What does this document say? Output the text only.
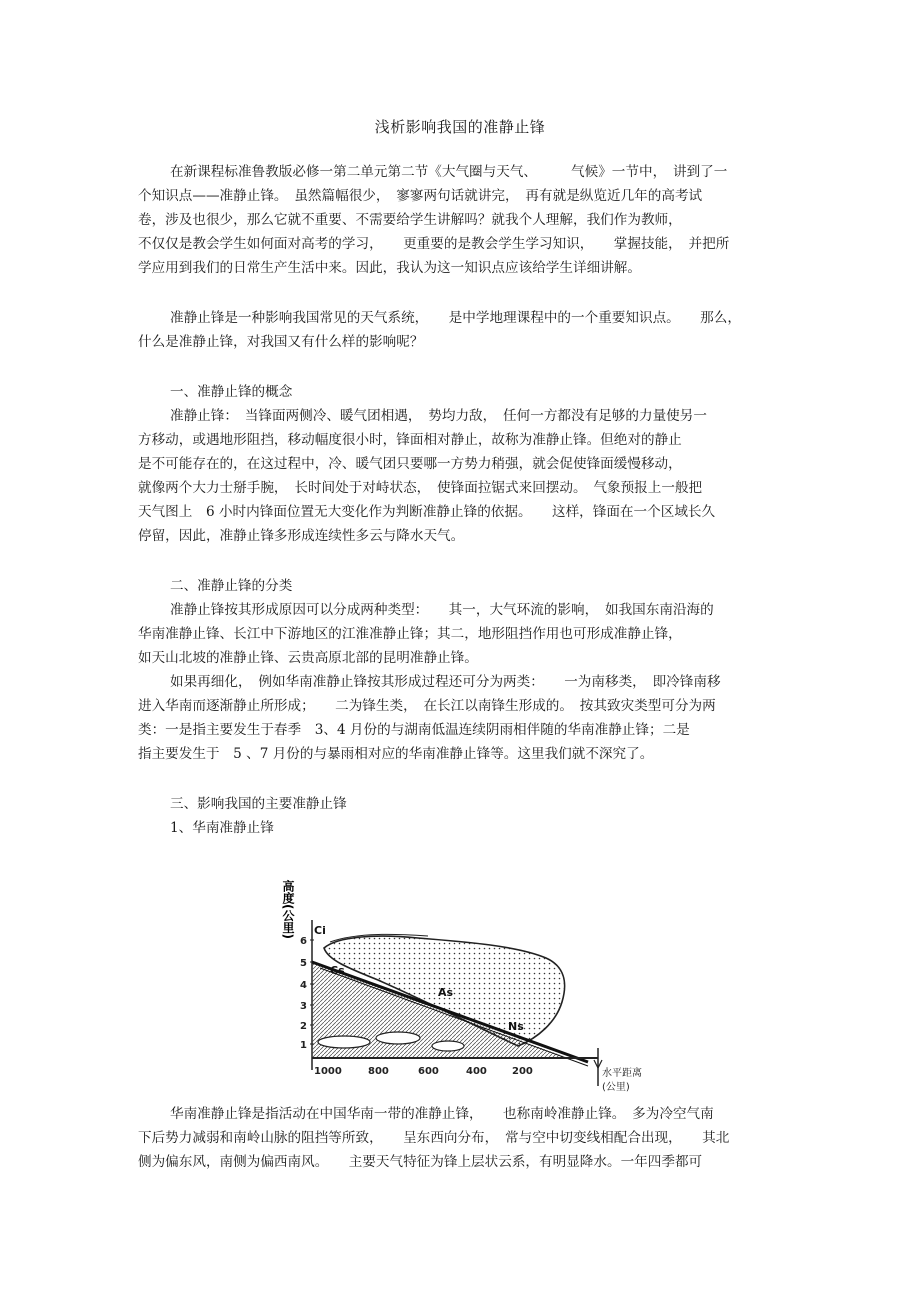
浅析影响我国的准静止锋
在新课程标准鲁教版必修一第二单元第二节《大气圈与天气、　　　气候》一节中，　讲到了一
个知识点——准静止锋。　虽然篇幅很少，　寥寥两句话就讲完，　再有就是纵览近几年的高考试
卷，涉及也很少，那么它就不重要、不需要给学生讲解吗？就我个人理解，我们作为教师，
不仅仅是教会学生如何面对高考的学习，　　更重要的是教会学生学习知识，　　掌握技能，　并把所
学应用到我们的日常生产生活中来。因此，我认为这一知识点应该给学生详细讲解。
准静止锋是一种影响我国常见的天气系统，　　是中学地理课程中的一个重要知识点。　　那么，
什么是准静止锋，对我国又有什么样的影响呢？
一、准静止锋的概念
准静止锋：　当锋面两侧冷、暖气团相遇，　势均力敌，　任何一方都没有足够的力量使另一
方移动，或遇地形阻挡，移动幅度很小时，锋面相对静止，故称为准静止锋。但绝对的静止
是不可能存在的，在这过程中，冷、暖气团只要哪一方势力稍强，就会促使锋面缓慢移动，
就像两个大力士掰手腕，　长时间处于对峙状态，　使锋面拉锯式来回摆动。　气象预报上一般把
天气图上　6 小时内锋面位置无大变化作为判断准静止锋的依据。　　这样，锋面在一个区域长久
停留，因此，准静止锋多形成连续性多云与降水天气。
二、准静止锋的分类
准静止锋按其形成原因可以分成两种类型：　　其一，大气环流的影响，　如我国东南沿海的
华南准静止锋、长江中下游地区的江淮准静止锋；其二，地形阻挡作用也可形成准静止锋，
如天山北坡的准静止锋、云贵高原北部的昆明准静止锋。
如果再细化，　例如华南准静止锋按其形成过程还可分为两类：　　一为南移类，　即冷锋南移
进入华南而逐渐静止所形成；　　二为锋生类，　在长江以南锋生形成的。　按其致灾类型可分为两
类：一是指主要发生于春季　3、4 月份的与湖南低温连续阴雨相伴随的华南准静止锋；二是
指主要发生于　5 、7 月份的与暴雨相对应的华南准静止锋等。这里我们就不深究了。
三、影响我国的主要准静止锋
1、华南准静止锋
高度(公里)
1
2
3
4
5
6
Ci
Cs
As
Ns
1000	800	600	400	200	水平距离
(公里)
华南准静止锋是指活动在中国华南一带的准静止锋，　　也称南岭准静止锋。　多为冷空气南
下后势力减弱和南岭山脉的阻挡等所致，　　呈东西向分布，　常与空中切变线相配合出现，　　其北
侧为偏东风，南侧为偏西南风。　　主要天气特征为锋上层状云系，有明显降水。一年四季都可
